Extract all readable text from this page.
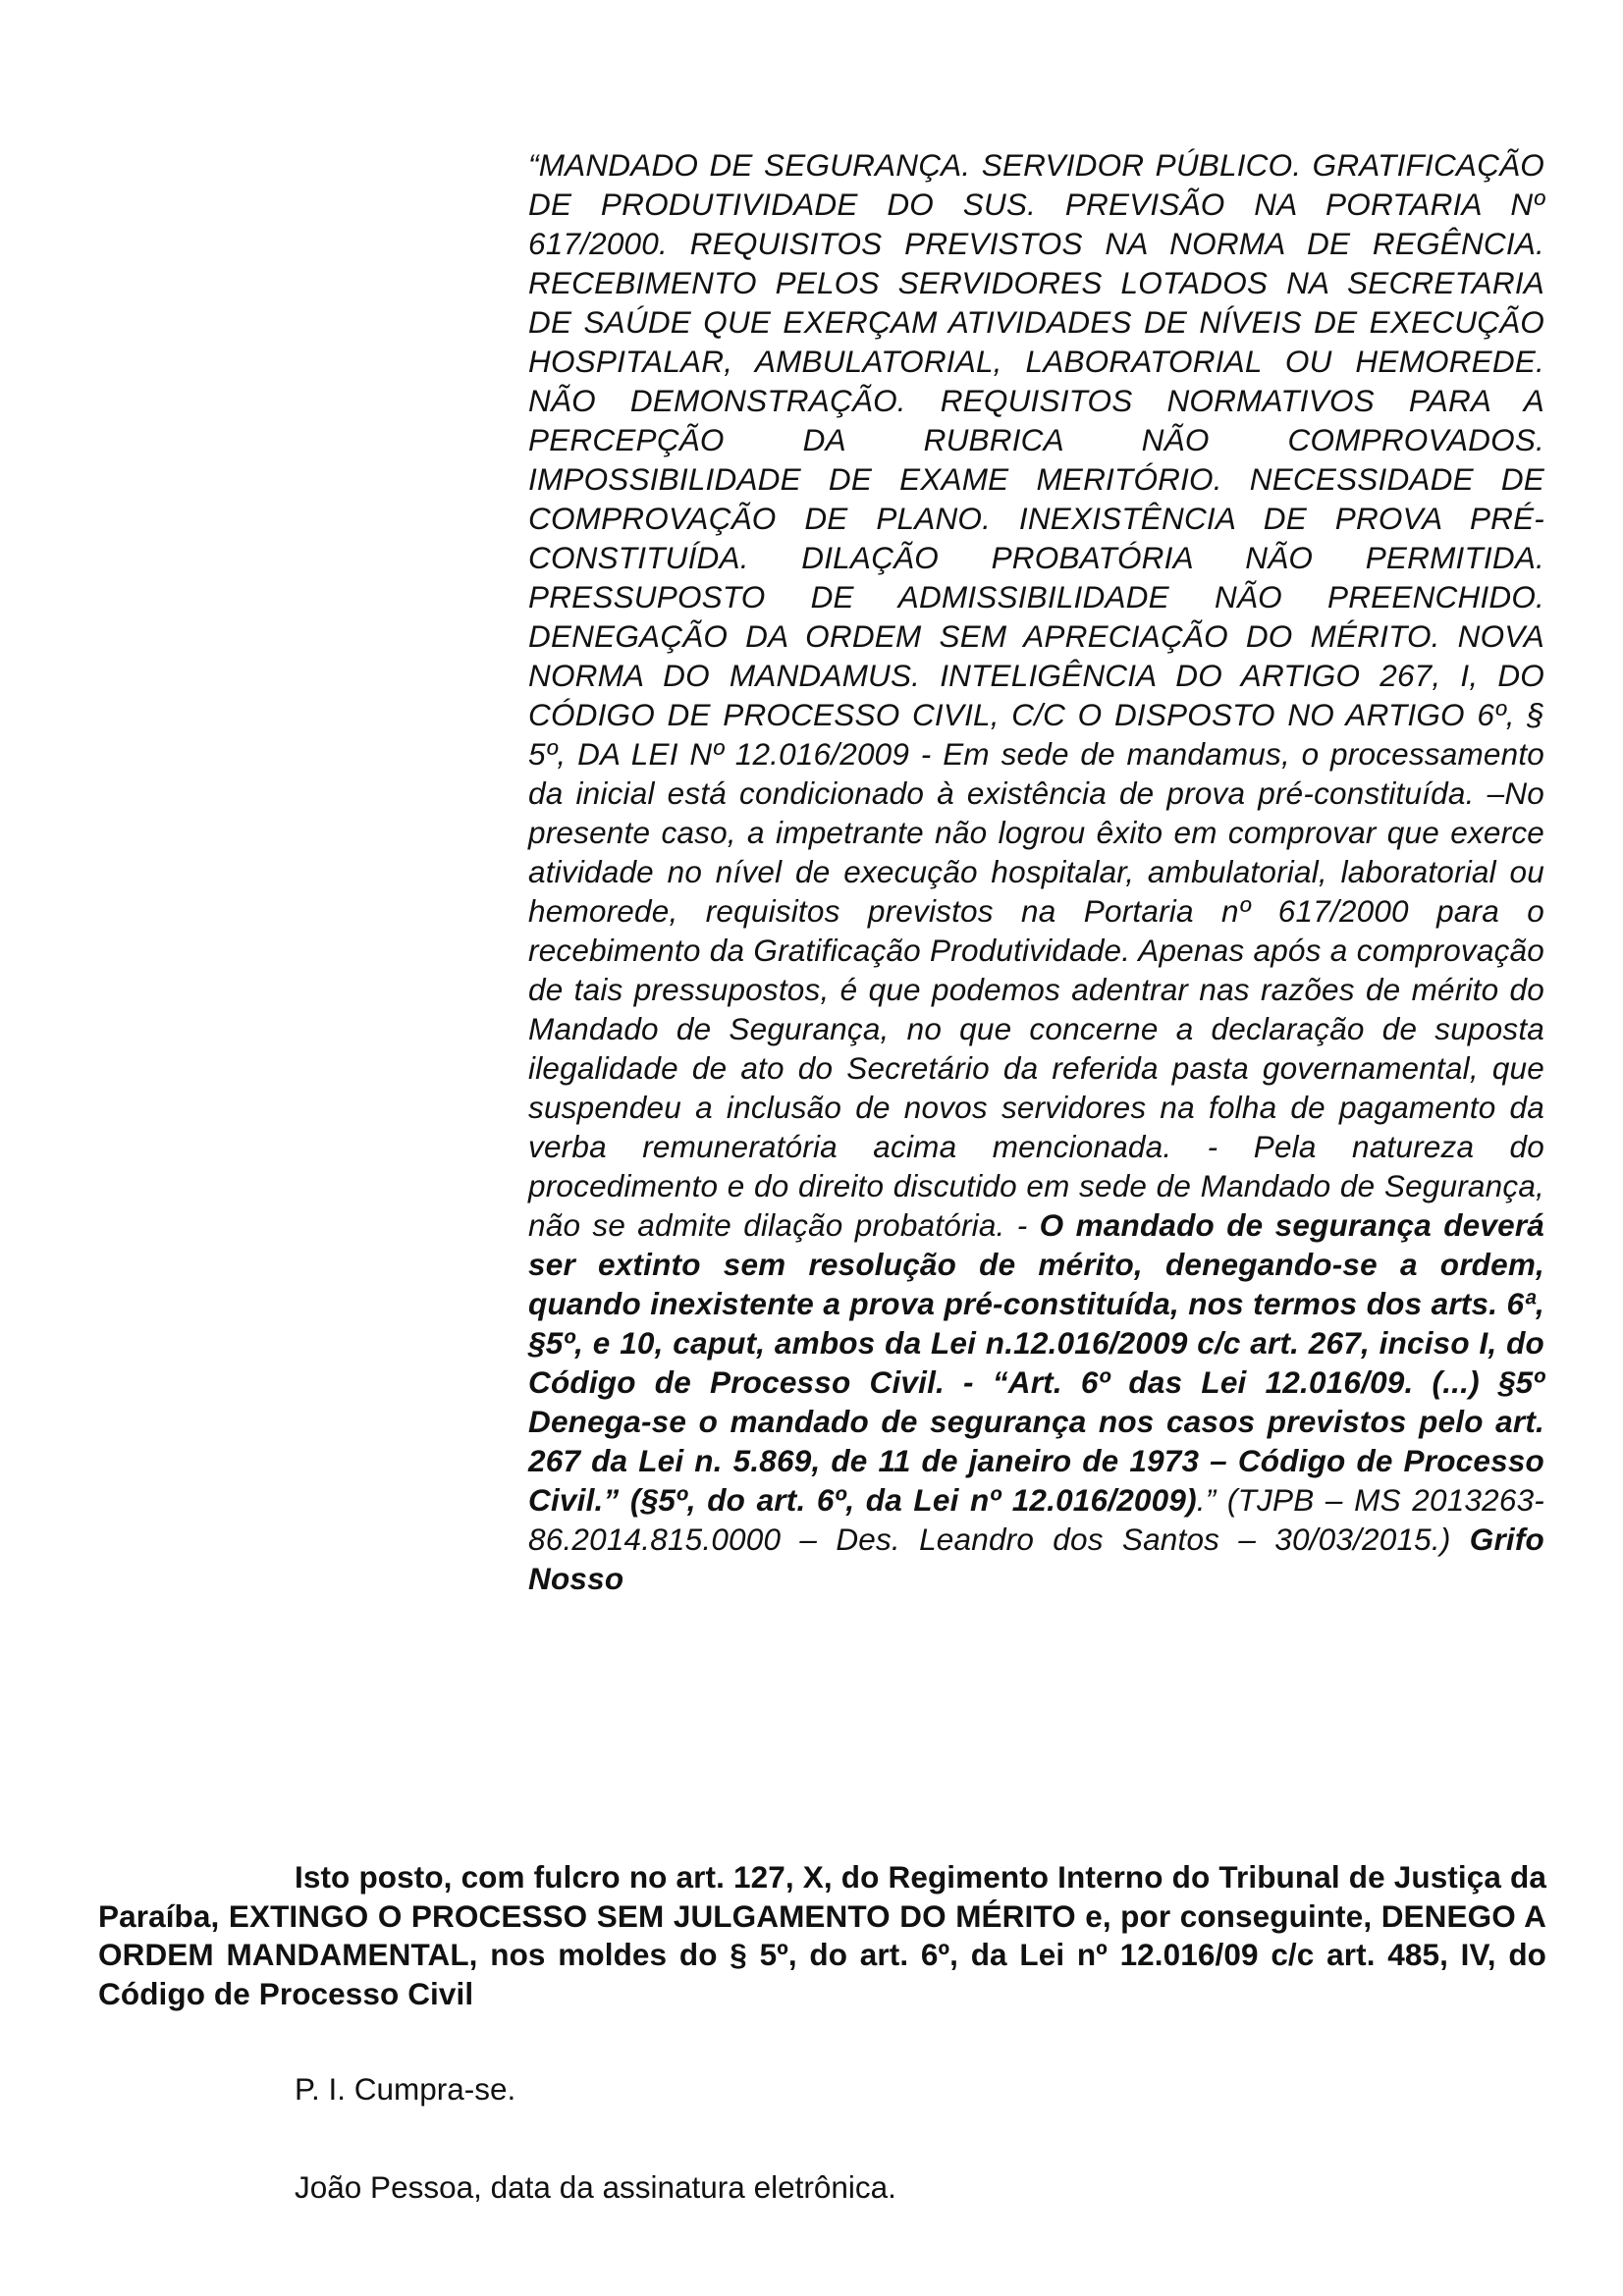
“MANDADO DE SEGURANÇA. SERVIDOR PÚBLICO. GRATIFICAÇÃO DE PRODUTIVIDADE DO SUS. PREVISÃO NA PORTARIA Nº 617/2000. REQUISITOS PREVISTOS NA NORMA DE REGÊNCIA. RECEBIMENTO PELOS SERVIDORES LOTADOS NA SECRETARIA DE SAÚDE QUE EXERÇAM ATIVIDADES DE NÍVEIS DE EXECUÇÃO HOSPITALAR, AMBULATORIAL, LABORATORIAL OU HEMOREDE. NÃO DEMONSTRAÇÃO. REQUISITOS NORMATIVOS PARA A PERCEPÇÃO DA RUBRICA NÃO COMPROVADOS. IMPOSSIBILIDADE DE EXAME MERITÓRIO. NECESSIDADE DE COMPROVAÇÃO DE PLANO. INEXISTÊNCIA DE PROVA PRÉ-CONSTITUÍDA. DILAÇÃO PROBATÓRIA NÃO PERMITIDA. PRESSUPOSTO DE ADMISSIBILIDADE NÃO PREENCHIDO. DENEGAÇÃO DA ORDEM SEM APRECIAÇÃO DO MÉRITO. NOVA NORMA DO MANDAMUS. INTELIGÊNCIA DO ARTIGO 267, I, DO CÓDIGO DE PROCESSO CIVIL, C/C O DISPOSTO NO ARTIGO 6º, § 5º, DA LEI Nº 12.016/2009 - Em sede de mandamus, o processamento da inicial está condicionado à existência de prova pré-constituída. –No presente caso, a impetrante não logrou êxito em comprovar que exerce atividade no nível de execução hospitalar, ambulatorial, laboratorial ou hemorede, requisitos previstos na Portaria nº 617/2000 para o recebimento da Gratificação Produtividade. Apenas após a comprovação de tais pressupostos, é que podemos adentrar nas razões de mérito do Mandado de Segurança, no que concerne a declaração de suposta ilegalidade de ato do Secretário da referida pasta governamental, que suspendeu a inclusão de novos servidores na folha de pagamento da verba remuneratória acima mencionada. - Pela natureza do procedimento e do direito discutido em sede de Mandado de Segurança, não se admite dilação probatória. - O mandado de segurança deverá ser extinto sem resolução de mérito, denegando-se a ordem, quando inexistente a prova pré-constituída, nos termos dos arts. 6ª, §5º, e 10, caput, ambos da Lei n.12.016/2009 c/c art. 267, inciso I, do Código de Processo Civil. - “Art. 6º das Lei 12.016/09. (...) §5º Denega-se o mandado de segurança nos casos previstos pelo art. 267 da Lei n. 5.869, de 11 de janeiro de 1973 – Código de Processo Civil.” (§5º, do art. 6º, da Lei nº 12.016/2009).” (TJPB – MS 2013263-86.2014.815.0000 – Des. Leandro dos Santos – 30/03/2015.) Grifo Nosso
Isto posto, com fulcro no art. 127, X, do Regimento Interno do Tribunal de Justiça da Paraíba, EXTINGO O PROCESSO SEM JULGAMENTO DO MÉRITO e, por conseguinte, DENEGO A ORDEM MANDAMENTAL, nos moldes do § 5º, do art. 6º, da Lei nº 12.016/09 c/c art. 485, IV, do Código de Processo Civil
P. I. Cumpra-se.
João Pessoa, data da assinatura eletrônica.
